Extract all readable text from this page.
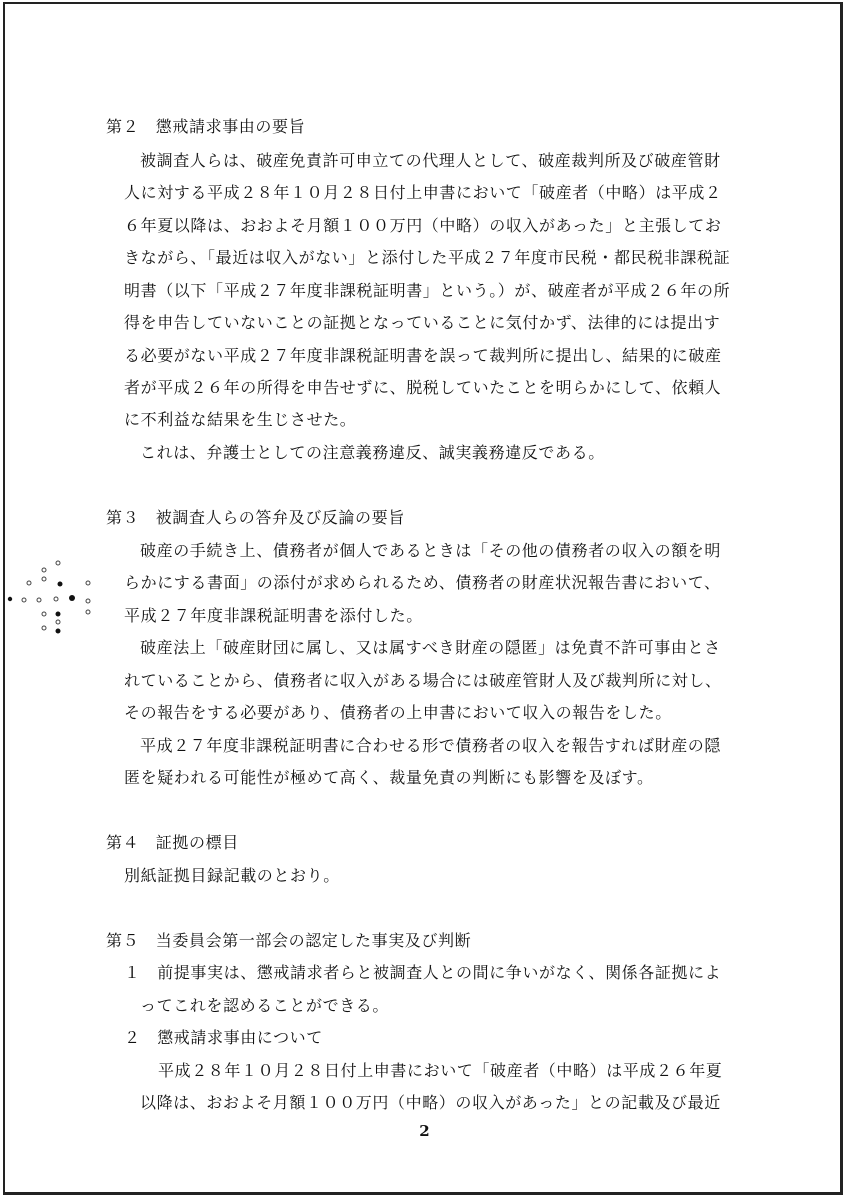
第２　懲戒請求事由の要旨
被調査人らは、破産免責許可申立ての代理人として、破産裁判所及び破産管財
人に対する平成２８年１０月２８日付上申書において「破産者（中略）は平成２
６年夏以降は、おおよそ月額１００万円（中略）の収入があった」と主張してお
きながら、「最近は収入がない」と添付した平成２７年度市民税・都民税非課税証
明書（以下「平成２７年度非課税証明書」という。）が、破産者が平成２６年の所
得を申告していないことの証拠となっていることに気付かず、法律的には提出す
る必要がない平成２７年度非課税証明書を誤って裁判所に提出し、結果的に破産
者が平成２６年の所得を申告せずに、脱税していたことを明らかにして、依頼人
に不利益な結果を生じさせた。
これは、弁護士としての注意義務違反、誠実義務違反である。
第３　被調査人らの答弁及び反論の要旨
破産の手続き上、債務者が個人であるときは「その他の債務者の収入の額を明
らかにする書面」の添付が求められるため、債務者の財産状況報告書において、
平成２７年度非課税証明書を添付した。
破産法上「破産財団に属し、又は属すべき財産の隠匿」は免責不許可事由とさ
れていることから、債務者に収入がある場合には破産管財人及び裁判所に対し、
その報告をする必要があり、債務者の上申書において収入の報告をした。
平成２７年度非課税証明書に合わせる形で債務者の収入を報告すれば財産の隠
匿を疑われる可能性が極めて高く、裁量免責の判断にも影響を及ぼす。
第４　証拠の標目
別紙証拠目録記載のとおり。
第５　当委員会第一部会の認定した事実及び判断
１　前提事実は、懲戒請求者らと被調査人との間に争いがなく、関係各証拠によ
ってこれを認めることができる。
２　懲戒請求事由について
平成２８年１０月２８日付上申書において「破産者（中略）は平成２６年夏
以降は、おおよそ月額１００万円（中略）の収入があった」との記載及び最近
2
